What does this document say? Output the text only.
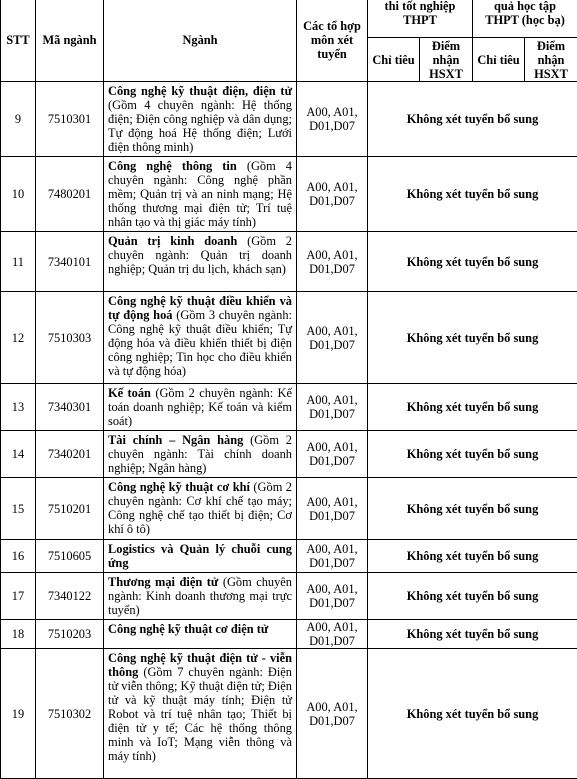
STT	Mã ngành	Ngành	Các tổ hợp môn xét tuyển	thi tốt nghiệp THPT		quả học tập THPT (học bạ)	
				Chỉ tiêu	Điểm nhận HSXT	Chỉ tiêu	Điểm nhận HSXT
9	7510301	Công nghệ kỹ thuật điện, điện tử (Gồm 4 chuyên ngành: Hệ thống điện; Điện công nghiệp và dân dụng; Tự động hoá Hệ thống điện; Lưới điện thông minh)	A00, A01, D01,D07	Không xét tuyển bổ sung			
10	7480201	Công nghệ thông tin (Gồm 4 chuyên ngành: Công nghệ phần mềm; Quản trị và an ninh mạng; Hệ thống thương mại điện tử; Trí tuệ nhân tạo và thị giác máy tính)	A00, A01, D01,D07	Không xét tuyển bổ sung			
11	7340101	Quản trị kinh doanh (Gồm 2 chuyên ngành: Quản trị doanh nghiệp; Quản trị du lịch, khách sạn)	A00, A01, D01,D07	Không xét tuyển bổ sung			
12	7510303	Công nghệ kỹ thuật điều khiển và tự động hoá (Gồm 3 chuyên ngành: Công nghệ kỹ thuật điều khiển; Tự động hóa và điều khiển thiết bị điện công nghiệp; Tin học cho điều khiển và tự động hóa)	A00, A01, D01,D07	Không xét tuyển bổ sung			
13	7340301	Kế toán (Gồm 2 chuyên ngành: Kế toán doanh nghiệp; Kế toán và kiểm soát)	A00, A01, D01,D07	Không xét tuyển bổ sung			
14	7340201	Tài chính – Ngân hàng (Gồm 2 chuyên ngành: Tài chính doanh nghiệp; Ngân hàng)	A00, A01, D01,D07	Không xét tuyển bổ sung			
15	7510201	Công nghệ kỹ thuật cơ khí (Gồm 2 chuyên ngành: Cơ khí chế tạo máy; Công nghệ chế tạo thiết bị điện; Cơ khí ô tô)	A00, A01, D01,D07	Không xét tuyển bổ sung			
16	7510605	Logistics và Quản lý chuỗi cung ứng	A00, A01, D01,D07	Không xét tuyển bổ sung			
17	7340122	Thương mại điện tử (Gồm chuyên ngành: Kinh doanh thương mại trực tuyến)	A00, A01, D01,D07	Không xét tuyển bổ sung			
18	7510203	Công nghệ kỹ thuật cơ điện tử	A00, A01, D01,D07	Không xét tuyển bổ sung			
19	7510302	Công nghệ kỹ thuật điện tử - viễn thông (Gồm 7 chuyên ngành: Điện tử viễn thông; Kỹ thuật điện tử; Điện tử và kỹ thuật máy tính; Điện tử Robot và trí tuệ nhân tạo; Thiết bị điện tử y tế; Các hệ thống thông minh và IoT; Mạng viễn thông và máy tính)	A00, A01, D01,D07	Không xét tuyển bổ sung			
